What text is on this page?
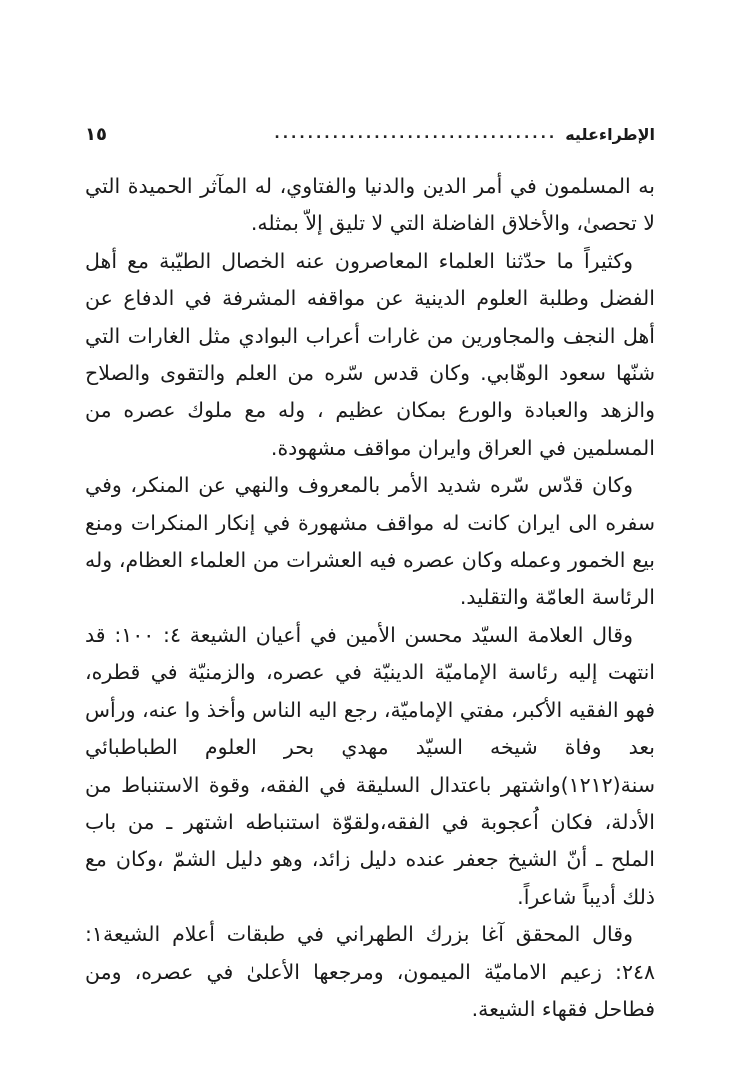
الإطراءعليه
..................................
١٥

به المسلمون في أمر الدين والدنيا والفتاوي، له المآثر الحميدة التي لا تحصىٰ، والأخلاق الفاضلة التي لا تليق إلاّ بمثله.

وكثيراً ما حدّثنا العلماء المعاصرون عنه الخصال الطيّبة مع أهل الفضل وطلبة العلوم الدينية عن مواقفه المشرفة في الدفاع عن أهل النجف والمجاورين من غارات أعراب البوادي مثل الغارات التي شنّها سعود الوهّابي. وكان قدس سّره من العلم والتقوى والصلاح والزهد والعبادة والورع بمكان عظيم ، وله مع ملوك عصره من المسلمين في العراق وايران مواقف مشهودة.

وكان قدّس سّره شديد الأمر بالمعروف والنهي عن المنكر، وفي سفره الى ايران كانت له مواقف مشهورة في إنكار المنكرات ومنع بيع الخمور وعمله وكان عصره فيه العشرات من العلماء العظام، وله الرئاسة العامّة والتقليد.

وقال العلامة السيّد محسن الأمين في أعيان الشيعة ٤: ١٠٠: قد انتهت إليه رئاسة الإماميّة الدينيّة في عصره، والزمنيّة في قطره، فهو الفقيه الأكبر، مفتي الإماميّة، رجع اليه الناس وأخذ وا عنه، ورأس بعد وفاة شيخه السيّد مهدي بحر العلوم الطباطبائي سنة(١٢١٢)واشتهر باعتدال السليقة في الفقه، وقوة الاستنباط من الأدلة، فكان اُعجوبة في الفقه،ولقوّة استنباطه اشتهر ـ من باب الملح ـ أنّ الشيخ جعفر عنده دليل زائد، وهو دليل الشمّ ،وكان مع ذلك أديباً شاعراً.

وقال المحقق آغا بزرك الطهراني في طبقات أعلام الشيعة١: ٢٤٨: زعيم الاماميّة الميمون، ومرجعها الأعلىٰ في عصره، ومن فطاحل فقهاء الشيعة.
